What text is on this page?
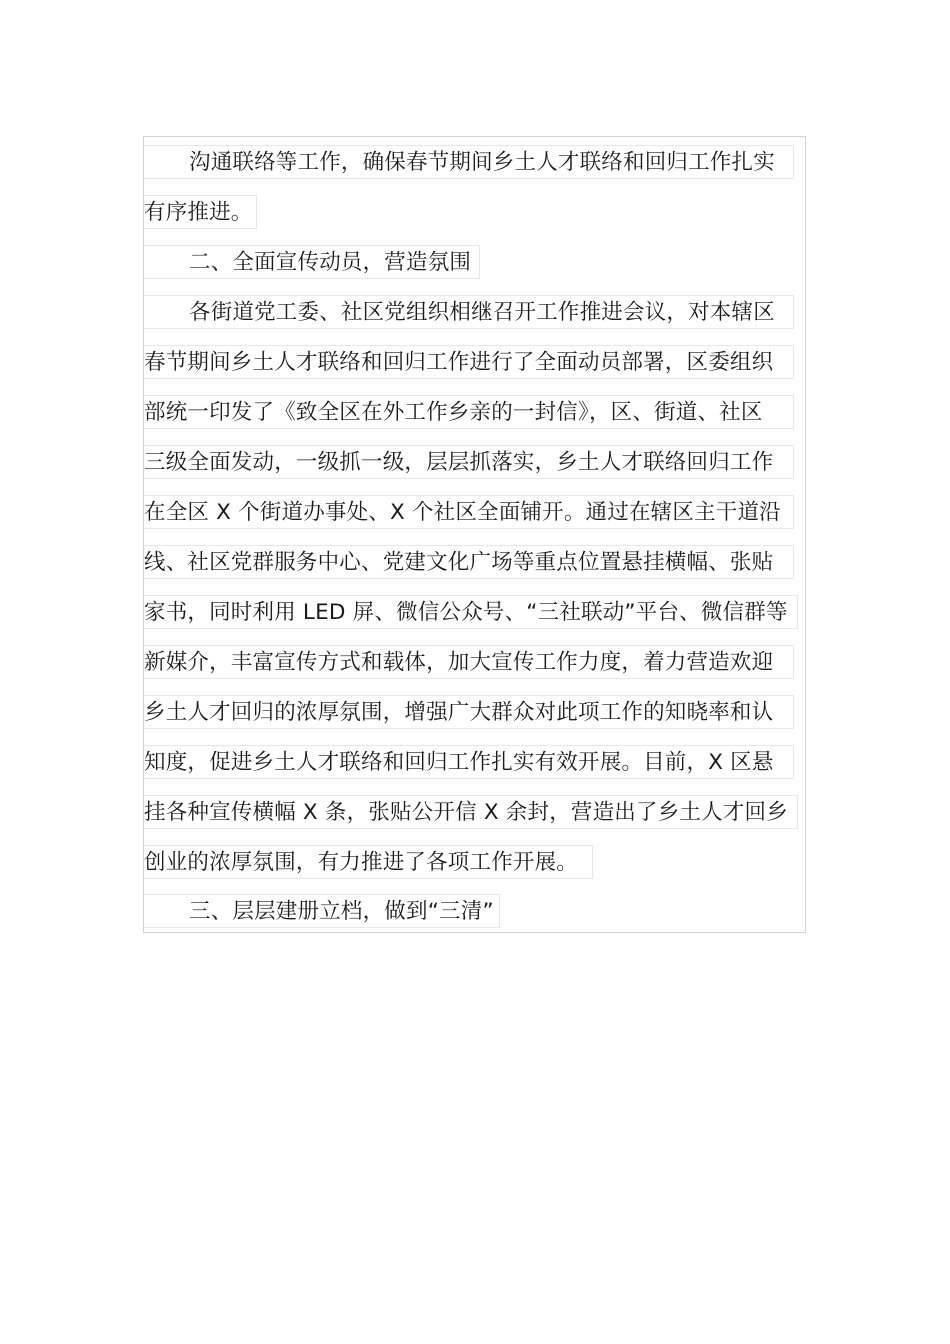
沟通联络等工作，确保春节期间乡土人才联络和回归工作扎实
有序推进。
二、全面宣传动员，营造氛围
各街道党工委、社区党组织相继召开工作推进会议，对本辖区
春节期间乡土人才联络和回归工作进行了全面动员部署，区委组织
部统一印发了《致全区在外工作乡亲的一封信》，区、街道、社区
三级全面发动，一级抓一级，层层抓落实，乡土人才联络回归工作
在全区 X 个街道办事处、X 个社区全面铺开。通过在辖区主干道沿
线、社区党群服务中心、党建文化广场等重点位置悬挂横幅、张贴
家书，同时利用 LED 屏、微信公众号、“三社联动”平台、微信群等
新媒介，丰富宣传方式和载体，加大宣传工作力度，着力营造欢迎
乡土人才回归的浓厚氛围，增强广大群众对此项工作的知晓率和认
知度，促进乡土人才联络和回归工作扎实有效开展。目前，X 区悬
挂各种宣传横幅 X 条，张贴公开信 X 余封，营造出了乡土人才回乡
创业的浓厚氛围，有力推进了各项工作开展。
三、层层建册立档，做到“三清”
